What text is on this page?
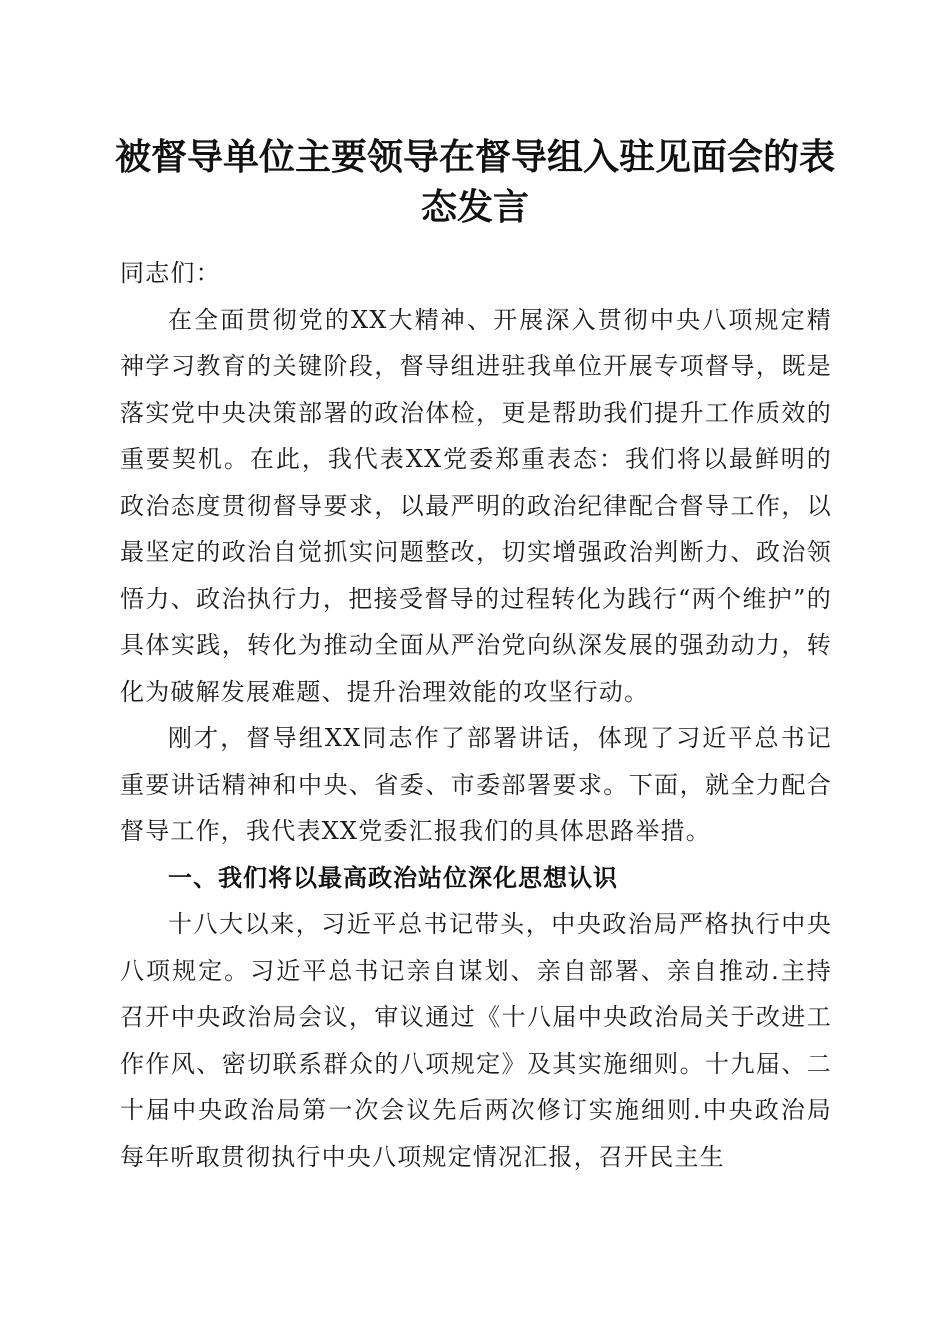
被督导单位主要领导在督导组入驻见面会的表态发言

同志们：

在全面贯彻党的XX大精神、开展深入贯彻中央八项规定精神学习教育的关键阶段，督导组进驻我单位开展专项督导，既是落实党中央决策部署的政治体检，更是帮助我们提升工作质效的重要契机。在此，我代表XX党委郑重表态：我们将以最鲜明的政治态度贯彻督导要求，以最严明的政治纪律配合督导工作，以最坚定的政治自觉抓实问题整改，切实增强政治判断力、政治领悟力、政治执行力，把接受督导的过程转化为践行“两个维护”的具体实践，转化为推动全面从严治党向纵深发展的强劲动力，转化为破解发展难题、提升治理效能的攻坚行动。

刚才，督导组XX同志作了部署讲话，体现了习近平总书记重要讲话精神和中央、省委、市委部署要求。下面，就全力配合督导工作，我代表XX党委汇报我们的具体思路举措。

一、我们将以最高政治站位深化思想认识

十八大以来，习近平总书记带头，中央政治局严格执行中央八项规定。习近平总书记亲自谋划、亲自部署、亲自推动.主持召开中央政治局会议，审议通过《十八届中央政治局关于改进工作作风、密切联系群众的八项规定》及其实施细则。十九届、二十届中央政治局第一次会议先后两次修订实施细则.中央政治局每年听取贯彻执行中央八项规定情况汇报，召开民主生
